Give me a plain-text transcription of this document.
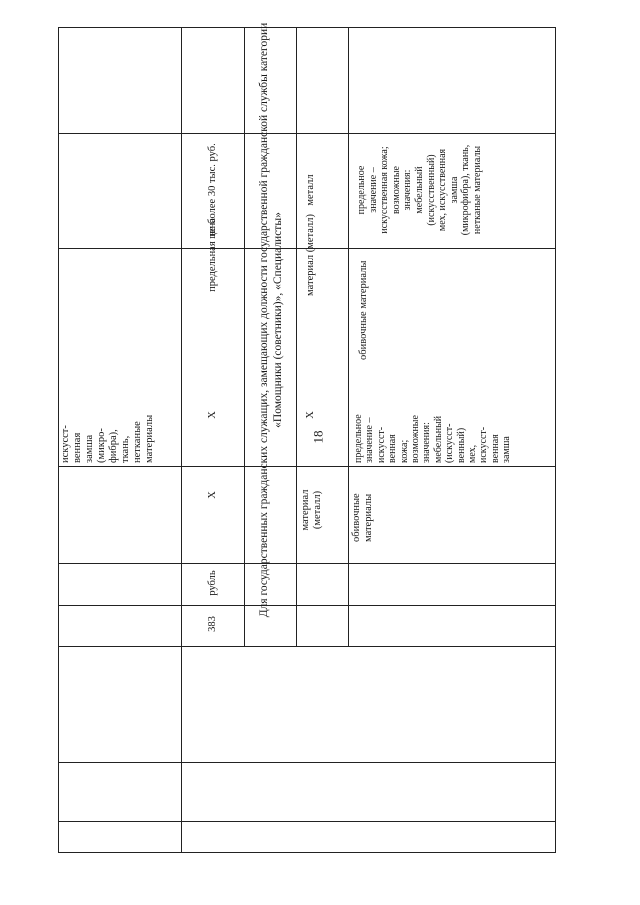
18
искусст-
венная
замша
(микро-
фибра),
ткань,
нетканые
материалы
383
рубль
X
X
предельная цена
не более 30 тыс. руб.	Для государственных гражданских служащих, замещающих должности государственной гражданской службы категории «Помощники (советники)», «Специалисты»
материал
(металл)
X
материал (металл)
металл
обивочные
материалы
предельное
значение –
искусст-
венная
кожа;
возможные
значения:
мебельный
(искусст-
венный)
мех,
искусст-
венная
замша
обивочные материалы
предельное
значение –
искусственная кожа;
возможные
значения:
мебельный
(искусственный)
мех, искусственная
замша
(микрофибра), ткань,
нетканые материалы
